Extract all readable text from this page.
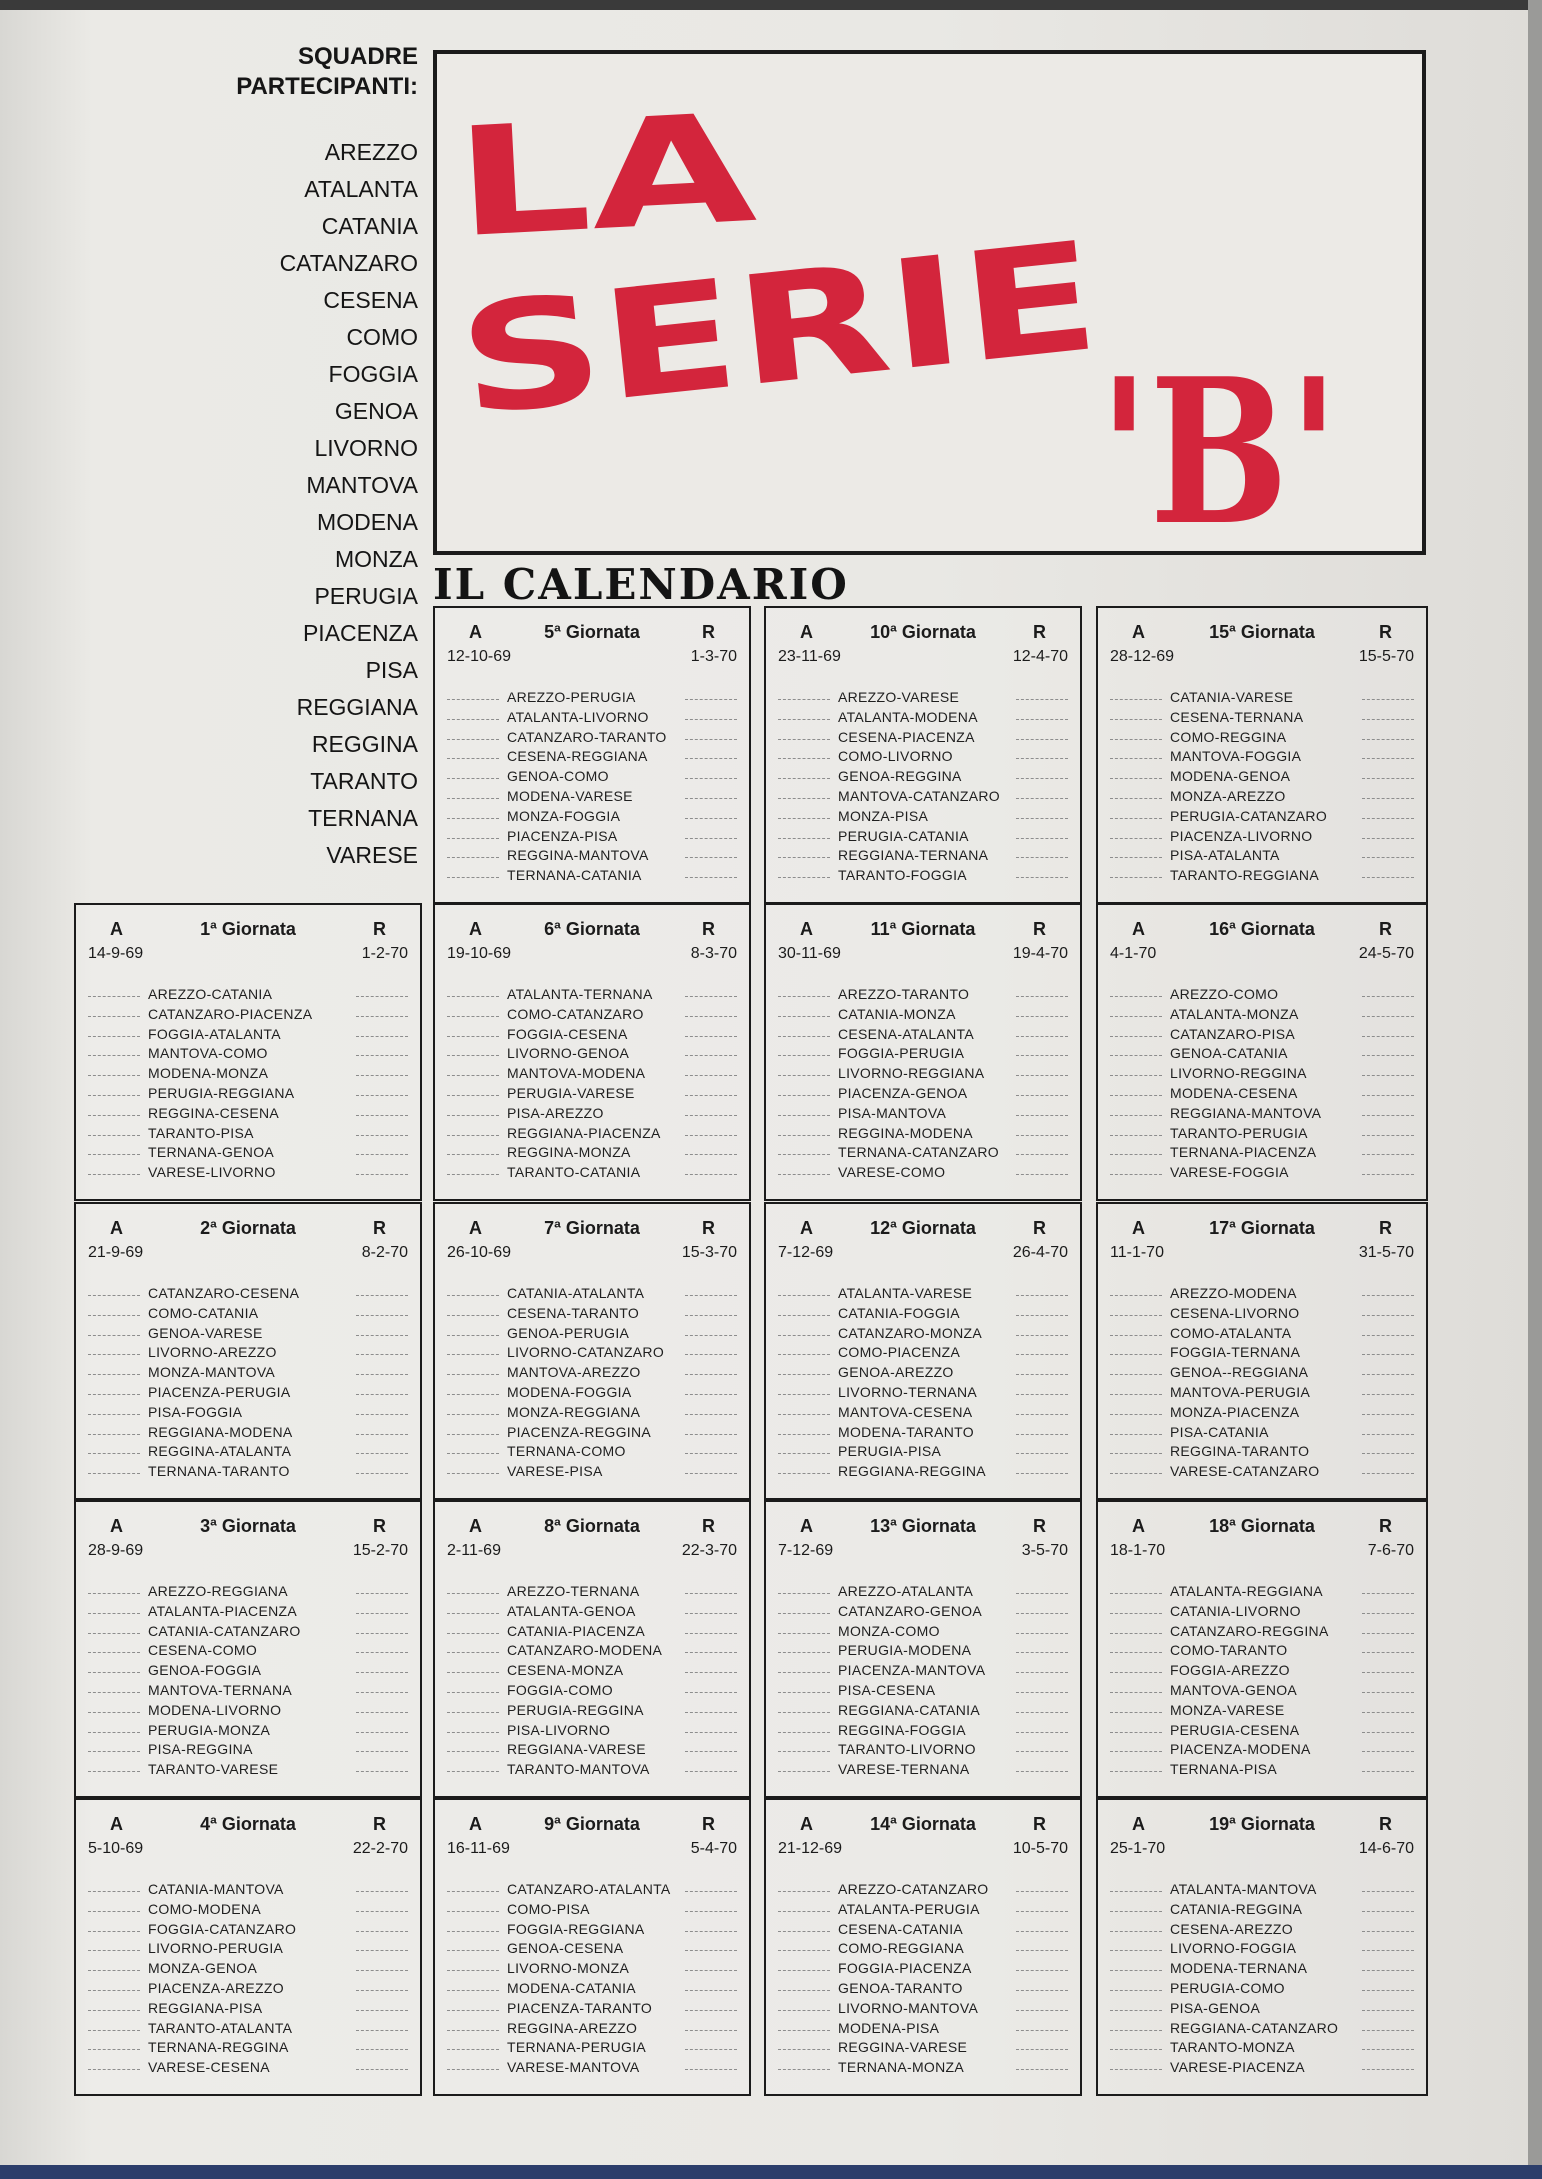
SQUADRE
PARTECIPANTI:
AREZZO
ATALANTA
CATANIA
CATANZARO
CESENA
COMO
FOGGIA
GENOA
LIVORNO
MANTOVA
MODENA
MONZA
PERUGIA
PIACENZA
PISA
REGGIANA
REGGINA
TARANTO
TERNANA
VARESE
LA
SERIE 'B'
IL CALENDARIO
A	1ª Giornata	R
14-9-69	1-2-70
AREZZO-CATANIA
CATANZARO-PIACENZA
FOGGIA-ATALANTA
MANTOVA-COMO
MODENA-MONZA
PERUGIA-REGGIANA
REGGINA-CESENA
TARANTO-PISA
TERNANA-GENOA
VARESE-LIVORNO
A	2ª Giornata	R
21-9-69	8-2-70
CATANZARO-CESENA
COMO-CATANIA
GENOA-VARESE
LIVORNO-AREZZO
MONZA-MANTOVA
PIACENZA-PERUGIA
PISA-FOGGIA
REGGIANA-MODENA
REGGINA-ATALANTA
TERNANA-TARANTO
A	3ª Giornata	R
28-9-69	15-2-70
AREZZO-REGGIANA
ATALANTA-PIACENZA
CATANIA-CATANZARO
CESENA-COMO
GENOA-FOGGIA
MANTOVA-TERNANA
MODENA-LIVORNO
PERUGIA-MONZA
PISA-REGGINA
TARANTO-VARESE
A	4ª Giornata	R
5-10-69	22-2-70
CATANIA-MANTOVA
COMO-MODENA
FOGGIA-CATANZARO
LIVORNO-PERUGIA
MONZA-GENOA
PIACENZA-AREZZO
REGGIANA-PISA
TARANTO-ATALANTA
TERNANA-REGGINA
VARESE-CESENA
A	5ª Giornata	R
12-10-69	1-3-70
AREZZO-PERUGIA
ATALANTA-LIVORNO
CATANZARO-TARANTO
CESENA-REGGIANA
GENOA-COMO
MODENA-VARESE
MONZA-FOGGIA
PIACENZA-PISA
REGGINA-MANTOVA
TERNANA-CATANIA
A	6ª Giornata	R
19-10-69	8-3-70
ATALANTA-TERNANA
COMO-CATANZARO
FOGGIA-CESENA
LIVORNO-GENOA
MANTOVA-MODENA
PERUGIA-VARESE
PISA-AREZZO
REGGIANA-PIACENZA
REGGINA-MONZA
TARANTO-CATANIA
A	7ª Giornata	R
26-10-69	15-3-70
CATANIA-ATALANTA
CESENA-TARANTO
GENOA-PERUGIA
LIVORNO-CATANZARO
MANTOVA-AREZZO
MODENA-FOGGIA
MONZA-REGGIANA
PIACENZA-REGGINA
TERNANA-COMO
VARESE-PISA
A	8ª Giornata	R
2-11-69	22-3-70
AREZZO-TERNANA
ATALANTA-GENOA
CATANIA-PIACENZA
CATANZARO-MODENA
CESENA-MONZA
FOGGIA-COMO
PERUGIA-REGGINA
PISA-LIVORNO
REGGIANA-VARESE
TARANTO-MANTOVA
A	9ª Giornata	R
16-11-69	5-4-70
CATANZARO-ATALANTA
COMO-PISA
FOGGIA-REGGIANA
GENOA-CESENA
LIVORNO-MONZA
MODENA-CATANIA
PIACENZA-TARANTO
REGGINA-AREZZO
TERNANA-PERUGIA
VARESE-MANTOVA
A	10ª Giornata	R
23-11-69	12-4-70
AREZZO-VARESE
ATALANTA-MODENA
CESENA-PIACENZA
COMO-LIVORNO
GENOA-REGGINA
MANTOVA-CATANZARO
MONZA-PISA
PERUGIA-CATANIA
REGGIANA-TERNANA
TARANTO-FOGGIA
A	11ª Giornata	R
30-11-69	19-4-70
AREZZO-TARANTO
CATANIA-MONZA
CESENA-ATALANTA
FOGGIA-PERUGIA
LIVORNO-REGGIANA
PIACENZA-GENOA
PISA-MANTOVA
REGGINA-MODENA
TERNANA-CATANZARO
VARESE-COMO
A	12ª Giornata	R
7-12-69	26-4-70
ATALANTA-VARESE
CATANIA-FOGGIA
CATANZARO-MONZA
COMO-PIACENZA
GENOA-AREZZO
LIVORNO-TERNANA
MANTOVA-CESENA
MODENA-TARANTO
PERUGIA-PISA
REGGIANA-REGGINA
A	13ª Giornata	R
7-12-69	3-5-70
AREZZO-ATALANTA
CATANZARO-GENOA
MONZA-COMO
PERUGIA-MODENA
PIACENZA-MANTOVA
PISA-CESENA
REGGIANA-CATANIA
REGGINA-FOGGIA
TARANTO-LIVORNO
VARESE-TERNANA
A	14ª Giornata	R
21-12-69	10-5-70
AREZZO-CATANZARO
ATALANTA-PERUGIA
CESENA-CATANIA
COMO-REGGIANA
FOGGIA-PIACENZA
GENOA-TARANTO
LIVORNO-MANTOVA
MODENA-PISA
REGGINA-VARESE
TERNANA-MONZA
A	15ª Giornata	R
28-12-69	15-5-70
CATANIA-VARESE
CESENA-TERNANA
COMO-REGGINA
MANTOVA-FOGGIA
MODENA-GENOA
MONZA-AREZZO
PERUGIA-CATANZARO
PIACENZA-LIVORNO
PISA-ATALANTA
TARANTO-REGGIANA
A	16ª Giornata	R
4-1-70	24-5-70
AREZZO-COMO
ATALANTA-MONZA
CATANZARO-PISA
GENOA-CATANIA
LIVORNO-REGGINA
MODENA-CESENA
REGGIANA-MANTOVA
TARANTO-PERUGIA
TERNANA-PIACENZA
VARESE-FOGGIA
A	17ª Giornata	R
11-1-70	31-5-70
AREZZO-MODENA
CESENA-LIVORNO
COMO-ATALANTA
FOGGIA-TERNANA
GENOA--REGGIANA
MANTOVA-PERUGIA
MONZA-PIACENZA
PISA-CATANIA
REGGINA-TARANTO
VARESE-CATANZARO
A	18ª Giornata	R
18-1-70	7-6-70
ATALANTA-REGGIANA
CATANIA-LIVORNO
CATANZARO-REGGINA
COMO-TARANTO
FOGGIA-AREZZO
MANTOVA-GENOA
MONZA-VARESE
PERUGIA-CESENA
PIACENZA-MODENA
TERNANA-PISA
A	19ª Giornata	R
25-1-70	14-6-70
ATALANTA-MANTOVA
CATANIA-REGGINA
CESENA-AREZZO
LIVORNO-FOGGIA
MODENA-TERNANA
PERUGIA-COMO
PISA-GENOA
REGGIANA-CATANZARO
TARANTO-MONZA
VARESE-PIACENZA
